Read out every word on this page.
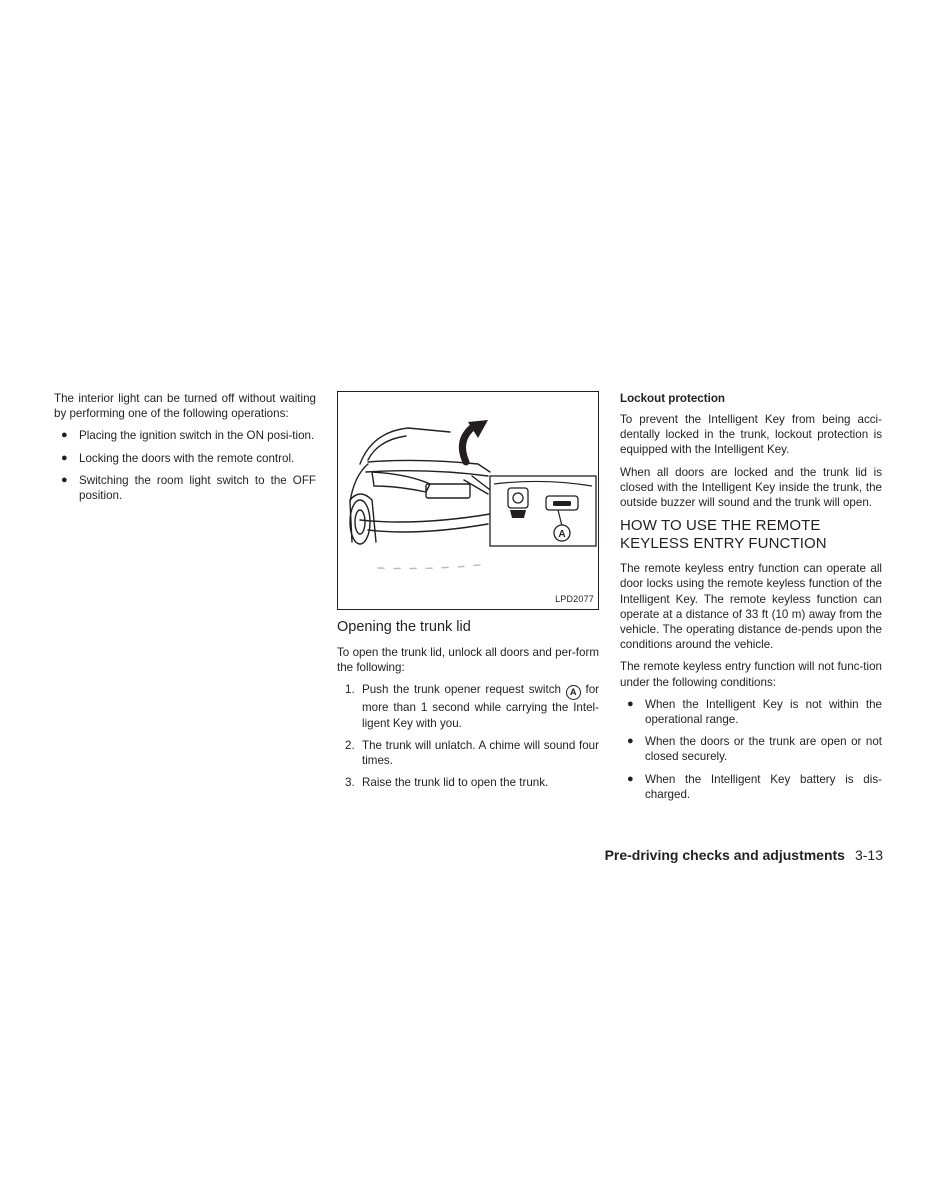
The interior light can be turned off without waiting by performing one of the following operations:

● Placing the ignition switch in the ON posi-tion.
● Locking the doors with the remote control.
● Switching the room light switch to the OFF position.
A
LPD2077
Opening the trunk lid

To open the trunk lid, unlock all doors and per-form the following:

1. Push the trunk opener request switch A for more than 1 second while carrying the Intel-ligent Key with you.
2. The trunk will unlatch. A chime will sound four times.
3. Raise the trunk lid to open the trunk.
Lockout protection

To prevent the Intelligent Key from being acci-dentally locked in the trunk, lockout protection is equipped with the Intelligent Key.

When all doors are locked and the trunk lid is closed with the Intelligent Key inside the trunk, the outside buzzer will sound and the trunk will open.

HOW TO USE THE REMOTE KEYLESS ENTRY FUNCTION

The remote keyless entry function can operate all door locks using the remote keyless function of the Intelligent Key. The remote keyless function can operate at a distance of 33 ft (10 m) away from the vehicle. The operating distance de-pends upon the conditions around the vehicle.

The remote keyless entry function will not func-tion under the following conditions:

● When the Intelligent Key is not within the operational range.
● When the doors or the trunk are open or not closed securely.
● When the Intelligent Key battery is dis-charged.
Pre-driving checks and adjustments 3-13
